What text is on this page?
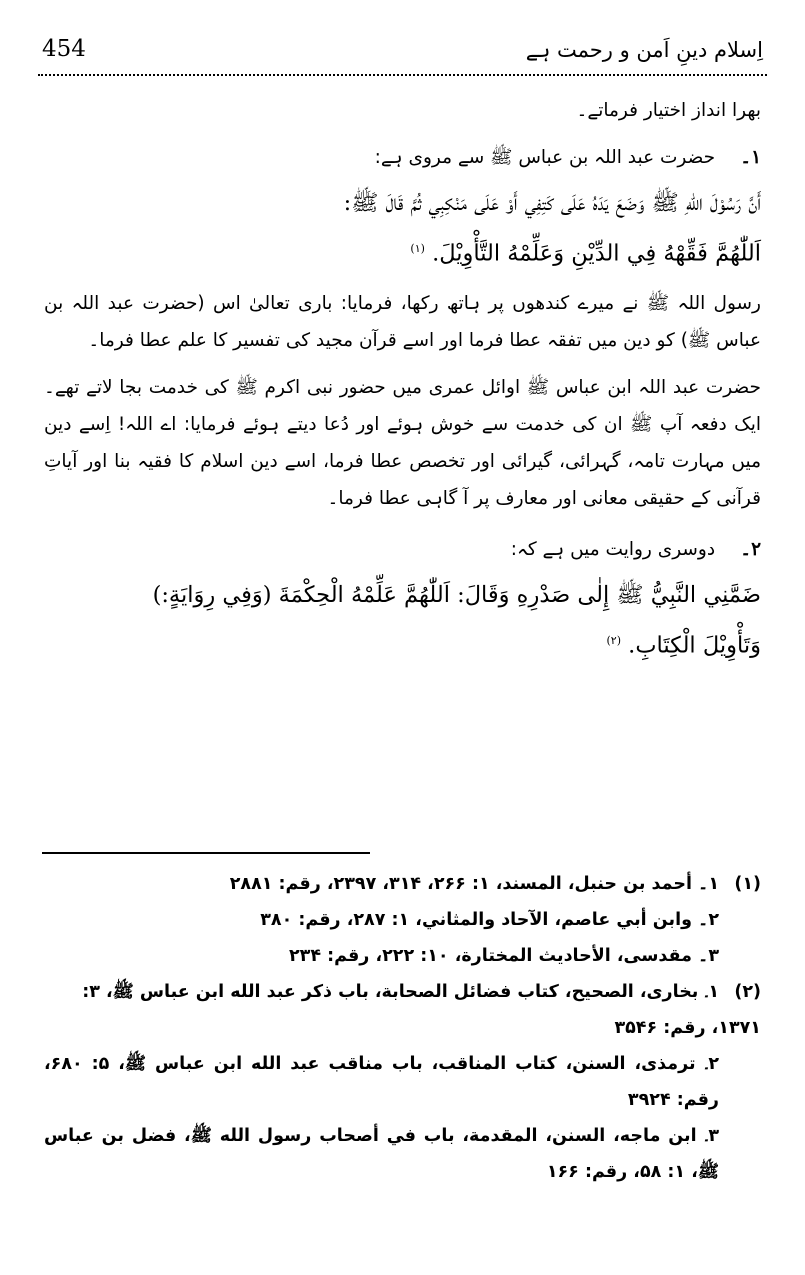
454	اِسلام دینِ اَمن و رحمت ہے

بھرا انداز اختیار فرماتے۔

۱۔ حضرت عبد اللہ بن عباس ﷺ سے مروی ہے:

أَنَّ رَسُوْلَ اللهِ ﷺ وَضَعَ يَدَهُ عَلَى كَتِفِي أَوْ عَلَى مَنْكِبِي ثُمَّ قَالَ ﷺ:
اَللّٰهُمَّ فَقِّهْهُ فِي الدِّيْنِ وَعَلِّمْهُ التَّأْوِيْلَ. $^{(۱)}$

رسول اللہ ﷺ نے میرے کندھوں پر ہاتھ رکھا، فرمایا: باری تعالیٰ اس (حضرت عبد اللہ بن عباس ﷺ) کو دین میں تفقہ عطا فرما اور اسے قرآن مجید کی تفسیر کا علم عطا فرما۔

حضرت عبد اللہ ابن عباس ﷺ اوائل عمری میں حضور نبی اکرم ﷺ کی خدمت بجا لاتے تھے۔ ایک دفعہ آپ ﷺ ان کی خدمت سے خوش ہوئے اور دُعا دیتے ہوئے فرمایا: اے اللہ! اِسے دین میں مہارت تامہ، گہرائی، گیرائی اور تخصص عطا فرما، اسے دین اسلام کا فقیہ بنا اور آیاتِ قرآنی کے حقیقی معانی اور معارف پر آ گاہی عطا فرما۔

۲۔ دوسری روایت میں ہے کہ:

ضَمَّنِي النَّبِيُّ ﷺ إِلٰى صَدْرِهِ وَقَالَ: اَللّٰهُمَّ عَلِّمْهُ الْحِكْمَةَ (وَفِي رِوَايَةٍ:)
وَتَأْوِيْلَ الْكِتَابِ. $^{(۲)}$

(۱)۱۔ أحمد بن حنبل، المسند، ۱: ۲۶۶، ۳۱۴، ۲۳۹۷، رقم: ۲۸۸۱

۲۔ وابن أبي عاصم، الآحاد والمثاني، ۱: ۲۸۷، رقم: ۳۸۰

۳۔ مقدسی، الأحاديث المختارة، ۱۰: ۲۲۲، رقم: ۲۳۴

(۲)۱۔ بخاری، الصحيح، كتاب فضائل الصحابة، باب ذكر عبد الله ابن عباس ﷺ، ۳: ۱۳۷۱، رقم: ۳۵۴۶

۲۔ ترمذی، السنن، كتاب المناقب، باب مناقب عبد الله ابن عباس ﷺ، ۵: ۶۸۰، رقم: ۳۹۲۴

۳۔ ابن ماجه، السنن، المقدمة، باب في أصحاب رسول الله ﷺ، فضل بن عباس ﷺ، ۱: ۵۸، رقم: ۱۶۶
